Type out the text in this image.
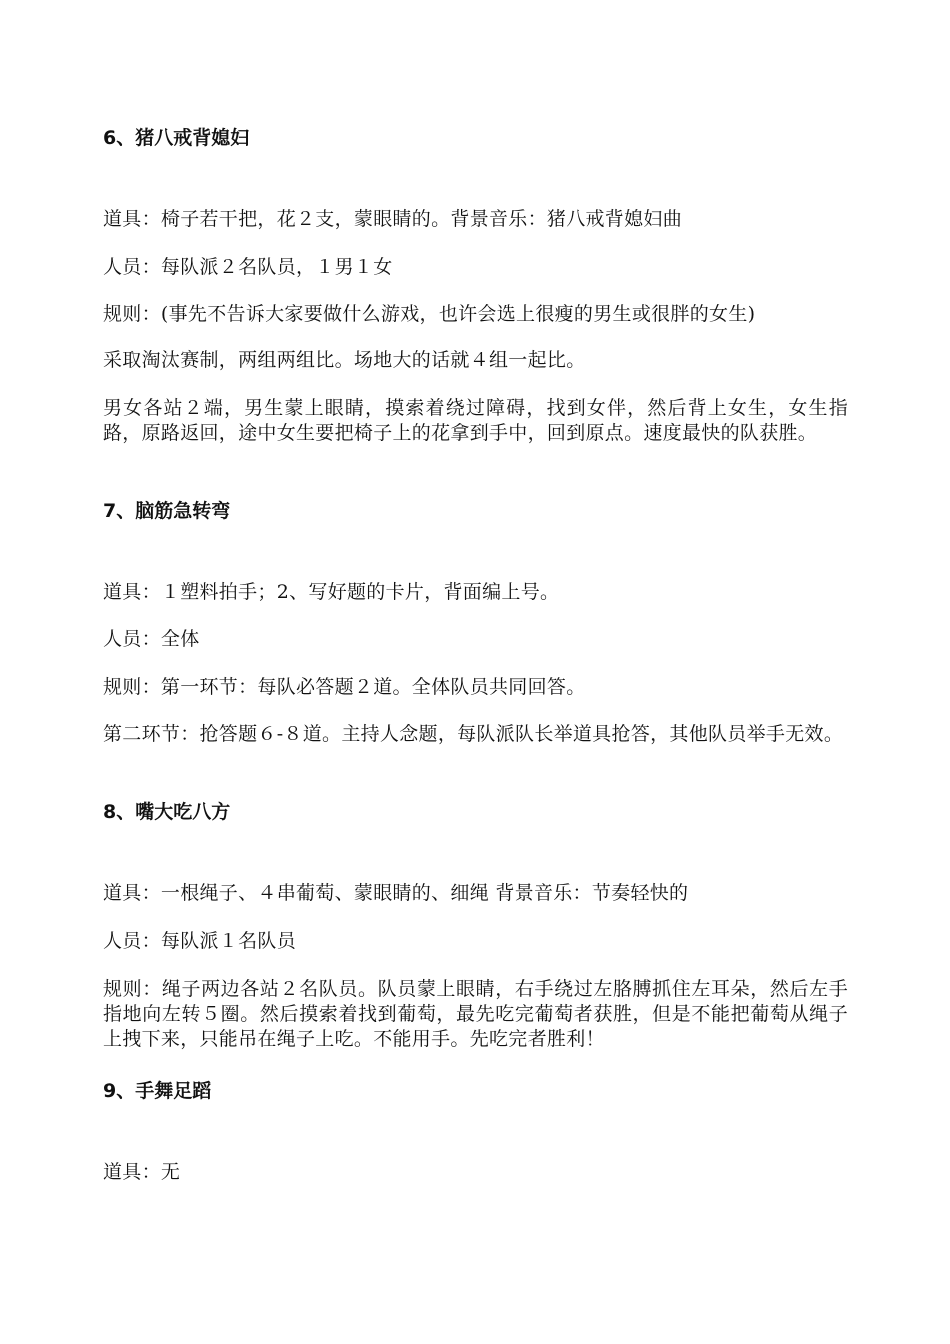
6、猪八戒背媳妇
道具：椅子若干把，花２支，蒙眼睛的。背景音乐：猪八戒背媳妇曲
人员：每队派２名队员，１男１女
规则：(事先不告诉大家要做什么游戏，也许会选上很瘦的男生或很胖的女生)
采取淘汰赛制，两组两组比。场地大的话就４组一起比。
男女各站２端，男生蒙上眼睛，摸索着绕过障碍，找到女伴，然后背上女生，女生指路，原路返回，途中女生要把椅子上的花拿到手中，回到原点。速度最快的队获胜。
7、脑筋急转弯
道具：１塑料拍手；2、写好题的卡片，背面编上号。
人员：全体
规则：第一环节：每队必答题２道。全体队员共同回答。
第二环节：抢答题６-８道。主持人念题，每队派队长举道具抢答，其他队员举手无效。
8、嘴大吃八方
道具：一根绳子、４串葡萄、蒙眼睛的、细绳 背景音乐：节奏轻快的
人员：每队派１名队员
规则：绳子两边各站２名队员。队员蒙上眼睛，右手绕过左胳膊抓住左耳朵，然后左手指地向左转５圈。然后摸索着找到葡萄，最先吃完葡萄者获胜，但是不能把葡萄从绳子上拽下来，只能吊在绳子上吃。不能用手。先吃完者胜利！
9、手舞足蹈
道具：无
